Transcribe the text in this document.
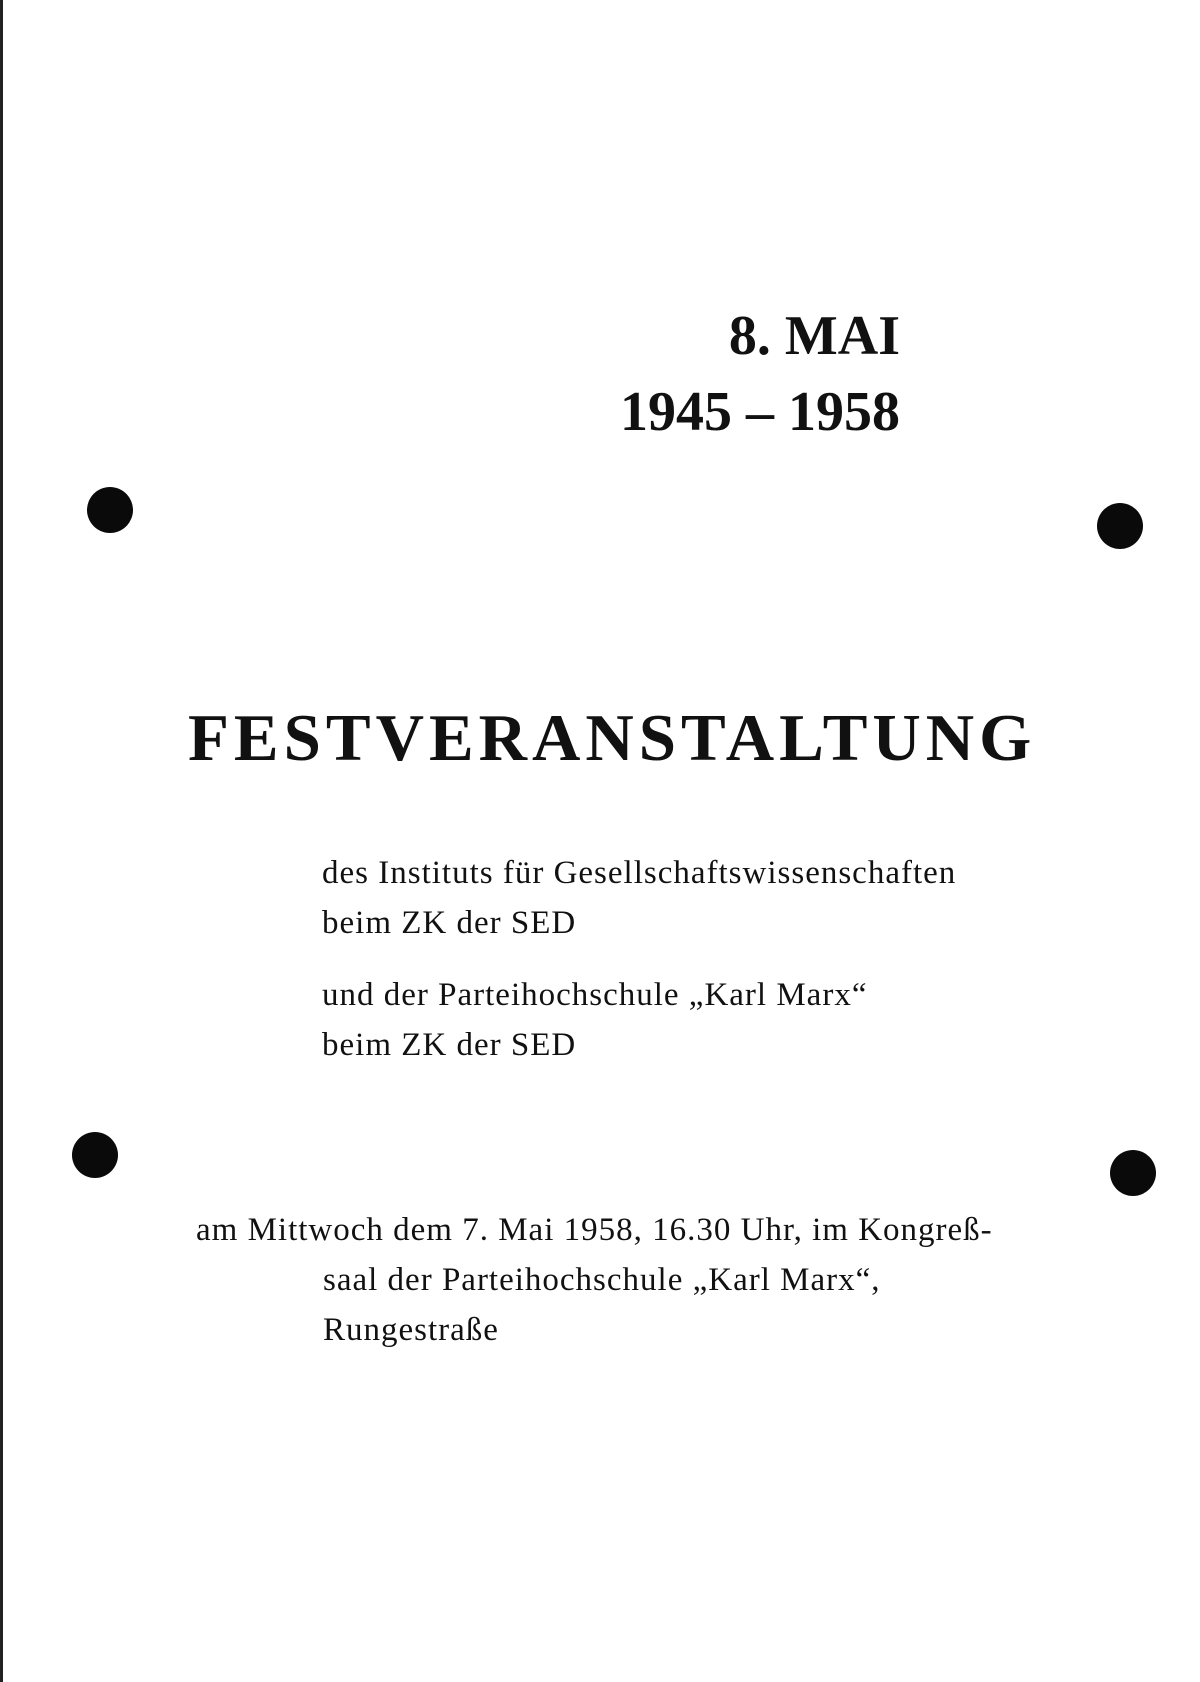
8. MAI
1945 – 1958
FESTVERANSTALTUNG
des Instituts für Gesellschaftswissenschaften
beim ZK der SED
und der Parteihochschule „Karl Marx“
beim ZK der SED
am Mittwoch dem 7. Mai 1958, 16.30 Uhr, im Kongreß-
saal der Parteihochschule „Karl Marx“,
Rungestraße
